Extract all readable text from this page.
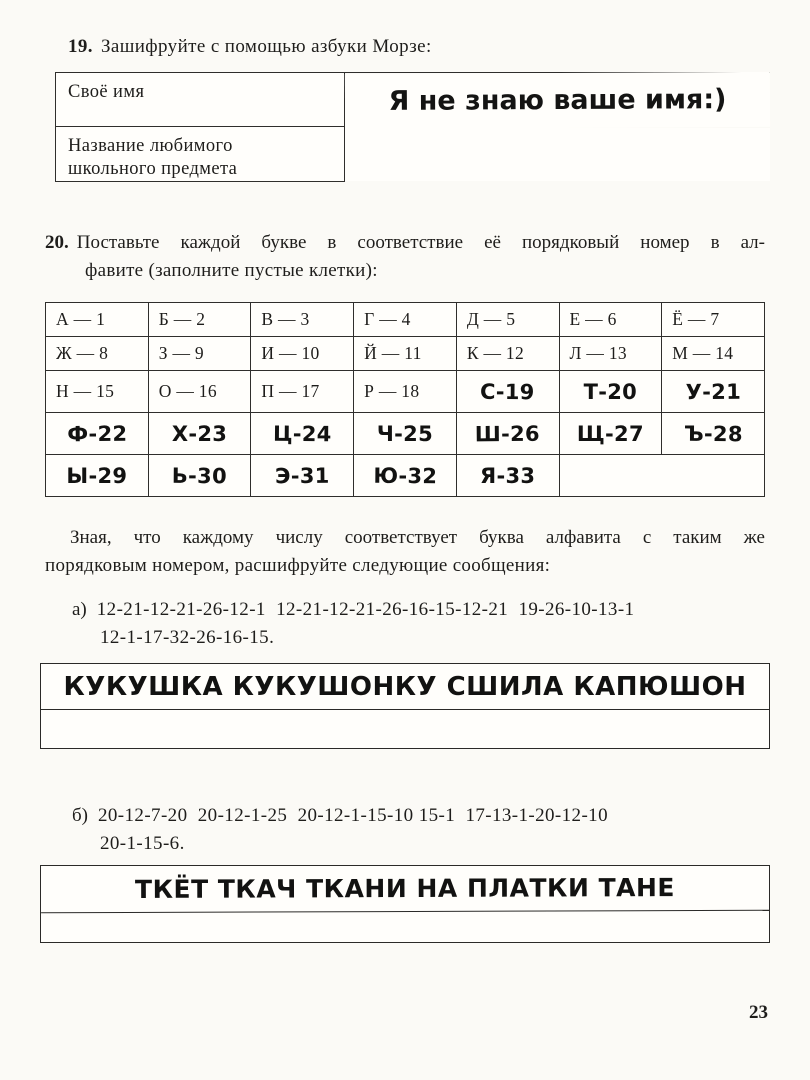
19. Зашифруйте с помощью азбуки Морзе:
Своё имя
Название любимого
школьного предмета
Я не знаю ваше имя:)
20. Поставьте каждой букве в соответствие её порядковый номер в ал-
фавите (заполните пустые клетки):
А — 1	Б — 2	В — 3	Г — 4	Д — 5	Е — 6	Ё — 7
Ж — 8	З — 9	И — 10	Й — 11	К — 12	Л — 13	М — 14
Н — 15	О — 16	П — 17	Р — 18	С-19	Т-20	У-21
Ф-22	Х-23	Ц-24	Ч-25	Ш-26	Щ-27	Ъ-28
Ы-29	Ь-30	Э-31	Ю-32	Я-33		
Зная, что каждому числу соответствует буква алфавита с таким же
порядковым номером, расшифруйте следующие сообщения:
а) 12-21-12-21-26-12-1  12-21-12-21-26-16-15-12-21  19-26-10-13-1
12-1-17-32-26-16-15.
КУКУШКА КУКУШОНКУ СШИЛА КАПЮШОН
б) 20-12-7-20  20-12-1-25  20-12-1-15-10 15-1  17-13-1-20-12-10
20-1-15-6.
ТКЁТ ТКАЧ ТКАНИ НА ПЛАТКИ ТАНЕ
23
